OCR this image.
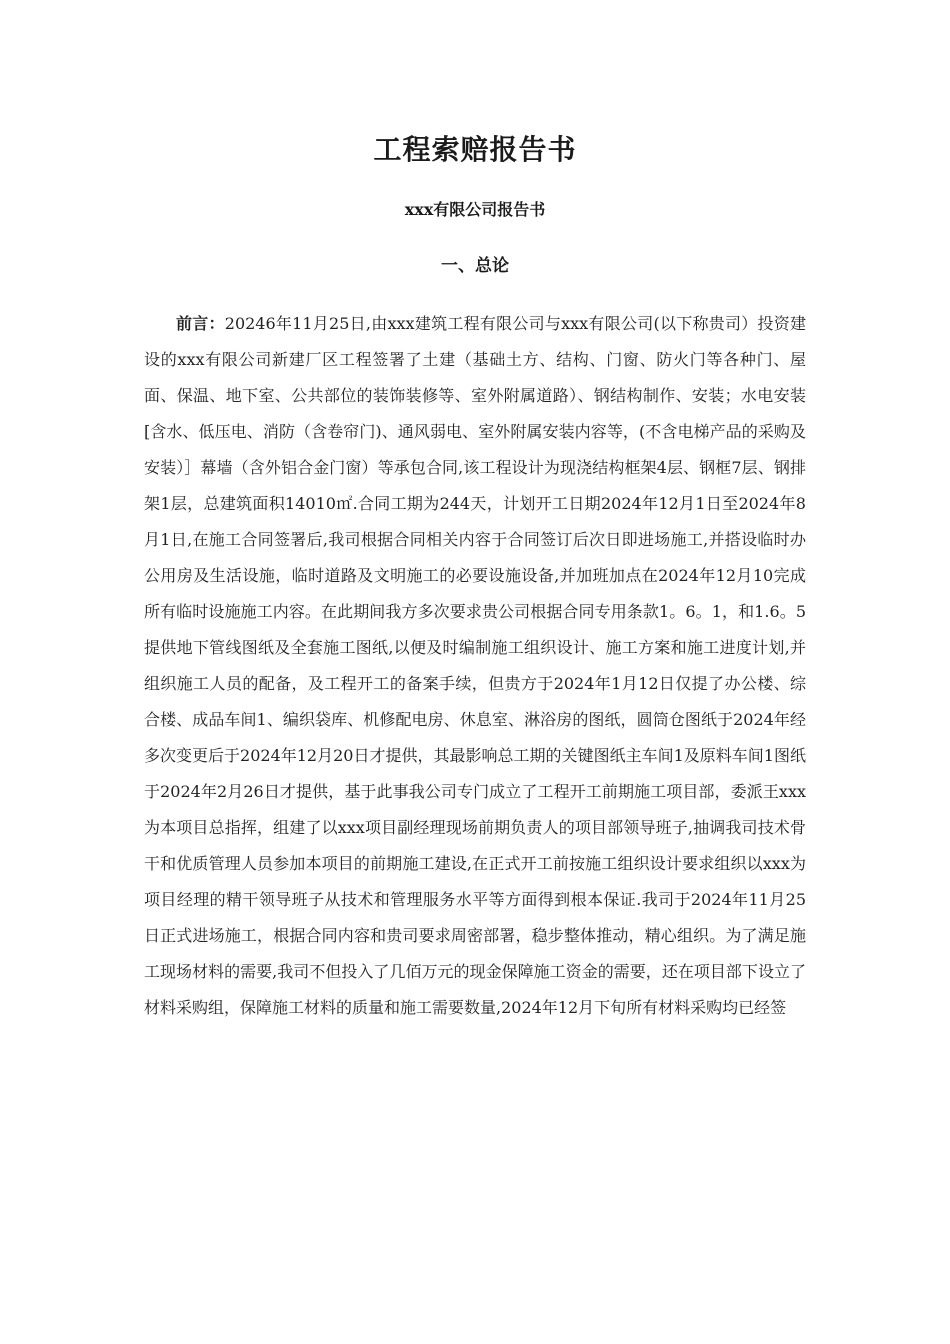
工程索赔报告书
xxx有限公司报告书
一、总论

前言：20246年11月25日,由xxx建筑工程有限公司与xxx有限公司(以下称贵司）投资建设的xxx有限公司新建厂区工程签署了土建（基础土方、结构、门窗、防火门等各种门、屋面、保温、地下室、公共部位的装饰装修等、室外附属道路）、钢结构制作、安装；水电安装[含水、低压电、消防（含卷帘门)、通风弱电、室外附属安装内容等，(不含电梯产品的采购及安装）］幕墙（含外铝合金门窗）等承包合同,该工程设计为现浇结构框架4层、钢框7层、钢排架1层，总建筑面积14010㎡.合同工期为244天，计划开工日期2024年12月1日至2024年8月1日,在施工合同签署后,我司根据合同相关内容于合同签订后次日即进场施工,并搭设临时办公用房及生活设施，临时道路及文明施工的必要设施设备,并加班加点在2024年12月10完成所有临时设施施工内容。在此期间我方多次要求贵公司根据合同专用条款1。6。1，和1.6。5提供地下管线图纸及全套施工图纸,以便及时编制施工组织设计、施工方案和施工进度计划,并组织施工人员的配备，及工程开工的备案手续，但贵方于2024年1月12日仅提了办公楼、综合楼、成品车间1、编织袋库、机修配电房、休息室、淋浴房的图纸，圆筒仓图纸于2024年经多次变更后于2024年12月20日才提供，其最影响总工期的关键图纸主车间1及原料车间1图纸于2024年2月26日才提供，基于此事我公司专门成立了工程开工前期施工项目部，委派王xxx为本项目总指挥，组建了以xxx项目副经理现场前期负责人的项目部领导班子,抽调我司技术骨干和优质管理人员参加本项目的前期施工建设,在正式开工前按施工组织设计要求组织以xxx为项目经理的精干领导班子从技术和管理服务水平等方面得到根本保证.我司于2024年11月25日正式进场施工，根据合同内容和贵司要求周密部署，稳步整体推动，精心组织。为了满足施工现场材料的需要,我司不但投入了几佰万元的现金保障施工资金的需要，还在项目部下设立了材料采购组，保障施工材料的质量和施工需要数量,2024年12月下旬所有材料采购均已经签
